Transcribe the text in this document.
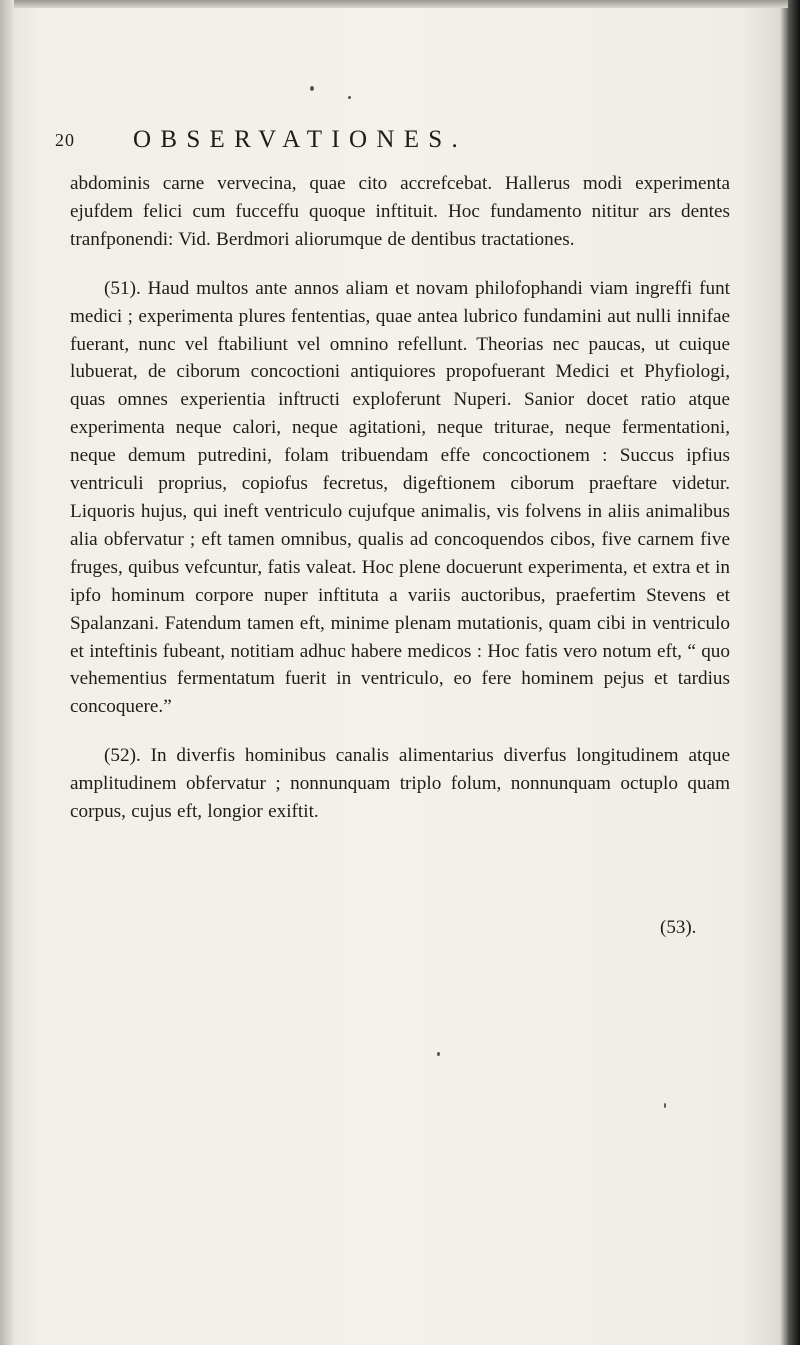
20 OBSERVATIONES.

abdominis carne vervecina, quae cito accrefcebat. Hallerus modi experimenta ejufdem felici cum fucceffu quoque inftituit. Hoc fundamento nititur ars dentes tranfponendi: Vid. Berdmori aliorumque de dentibus tractationes.

(51). Haud multos ante annos aliam et novam philofophandi viam ingreffi funt medici ; experimenta plures fententias, quae antea lubrico fundamini aut nulli innifae fuerant, nunc vel ftabiliunt vel omnino refellunt. Theorias nec paucas, ut cuique lubuerat, de ciborum concoctioni antiquiores propofuerant Medici et Phyfiologi, quas omnes experientia inftructi exploferunt Nuperi. Sanior docet ratio atque experimenta neque calori, neque agitationi, neque triturae, neque fermentationi, neque demum putredini, folam tribuendam effe concoctionem : Succus ipfius ventriculi proprius, copiofus fecretus, digeftionem ciborum praeftare videtur. Liquoris hujus, qui ineft ventriculo cujufque animalis, vis folvens in aliis animalibus alia obfervatur ; eft tamen omnibus, qualis ad concoquendos cibos, five carnem five fruges, quibus vefcuntur, fatis valeat. Hoc plene docuerunt experimenta, et extra et in ipfo hominum corpore nuper inftituta a variis auctoribus, praefertim Stevens et Spalanzani. Fatendum tamen eft, minime plenam mutationis, quam cibi in ventriculo et inteftinis fubeant, notitiam adhuc habere medicos : Hoc fatis vero notum eft, “ quo vehementius fermentatum fuerit in ventriculo, eo fere hominem pejus et tardius concoquere.”

(52). In diverfis hominibus canalis alimentarius diverfus longitudinem atque amplitudinem obfervatur ; nonnunquam triplo folum, nonnunquam octuplo quam corpus, cujus eft, longior exiftit.

(53).
